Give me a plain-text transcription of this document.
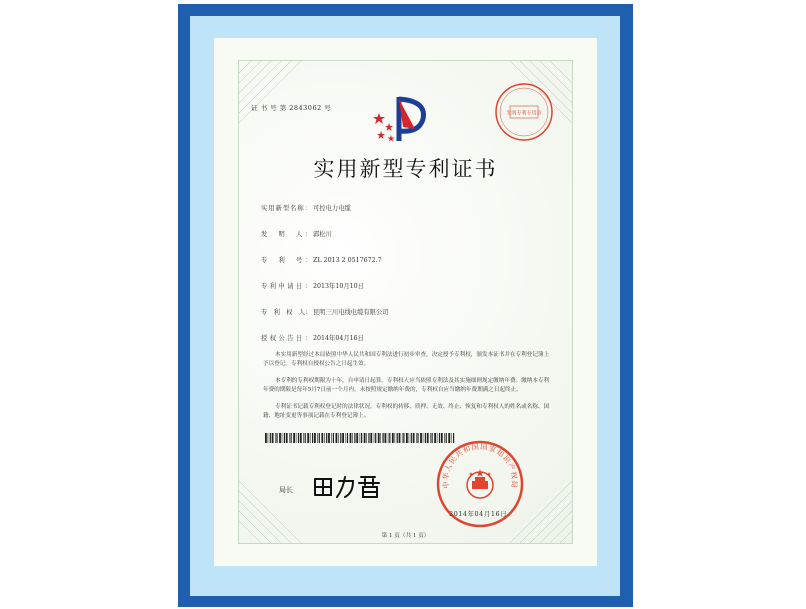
证 书 号 第 2843062 号
发明专利专用章
实用新型专利证书
实用新型名称： 可控电力电缆
发　明　人： 郭松川
专　利　号： ZL 2013 2 0517672.7
专利申请日： 2013年10月10日
专　利　权　人： 昆明三川电线电缆有限公司
授权公告日： 2014年04月16日

本实用新型经过本局依照中华人民共和国专利法进行初步审查，决定授予专利权，颁发本证书并在专利登记簿上予以登记。专利权自授权公告之日起生效。

本专利的专利权期限为十年，自申请日起算。专利权人应当依照专利法及其实施细则规定缴纳年费。缴纳本专利年费的期限是每年5月7日前一个月内。未按照规定缴纳年费的，专利权自应当缴纳年费期满之日起终止。

专利证书记载专利权登记时的法律状况。专利权的转移、质押、无效、终止、恢复和专利权人的姓名或名称、国籍、地址变更等事项记载在专利登记簿上。

局长
中华人民共和国国家知识产权局
2014年04月16日
第 1 页（共 1 页）
